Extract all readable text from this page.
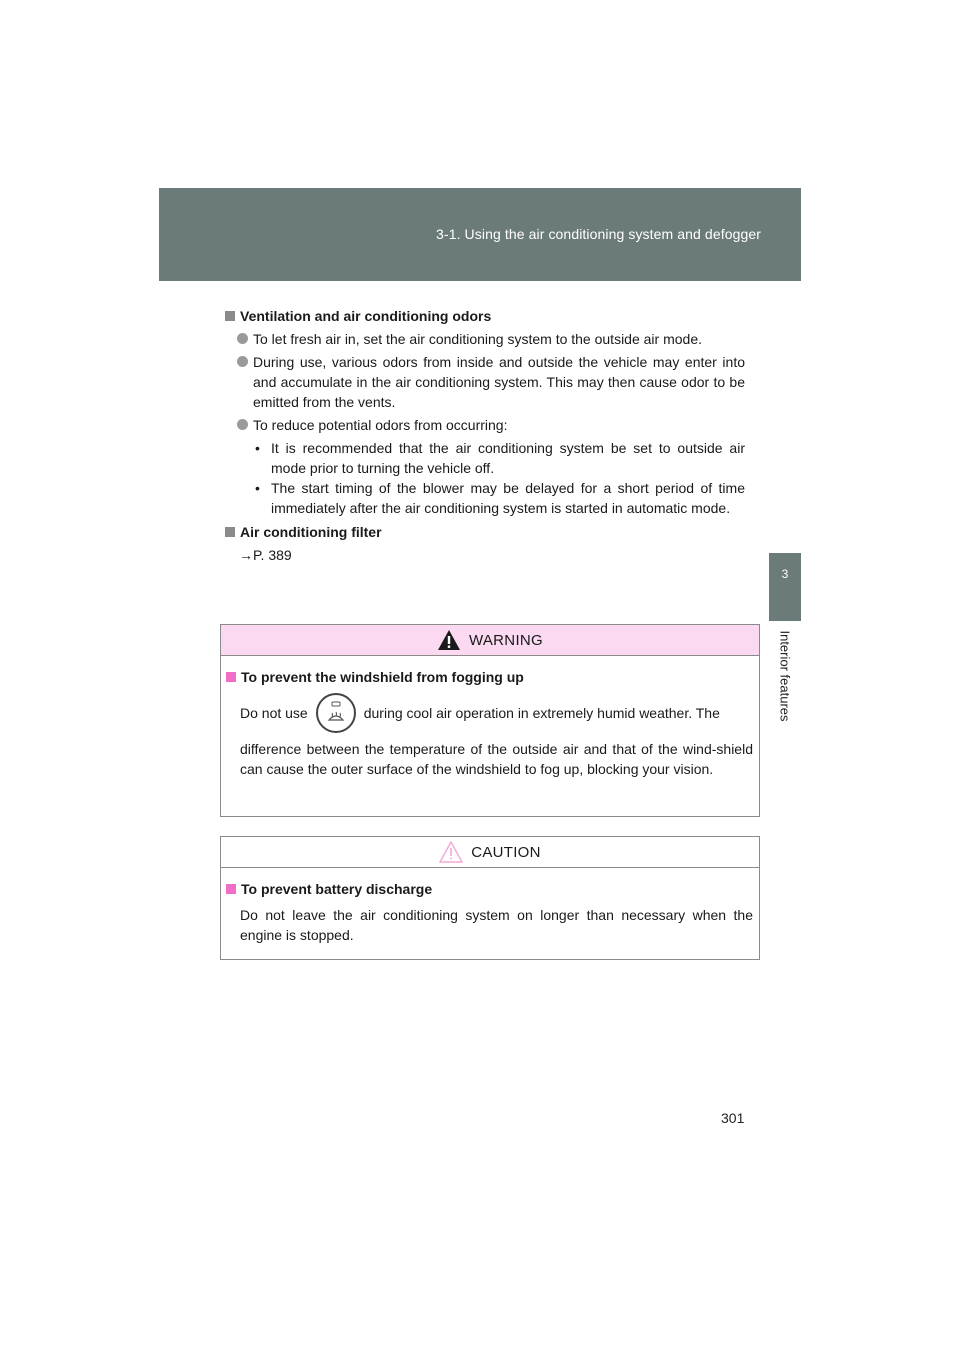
3-1. Using the air conditioning system and defogger
3
Interior features
Ventilation and air conditioning odors
To let fresh air in, set the air conditioning system to the outside air mode.
During use, various odors from inside and outside the vehicle may enter into and accumulate in the air conditioning system. This may then cause odor to be emitted from the vents.
To reduce potential odors from occurring:
• It is recommended that the air conditioning system be set to outside air mode prior to turning the vehicle off.
• The start timing of the blower may be delayed for a short period of time immediately after the air conditioning system is started in automatic mode.
Air conditioning filter
→P. 389
WARNING
To prevent the windshield from fogging up
Do not use	during cool air operation in extremely humid weather. The
difference between the temperature of the outside air and that of the wind-shield can cause the outer surface of the windshield to fog up, blocking your vision.
CAUTION
To prevent battery discharge
Do not leave the air conditioning system on longer than necessary when the engine is stopped.
301
